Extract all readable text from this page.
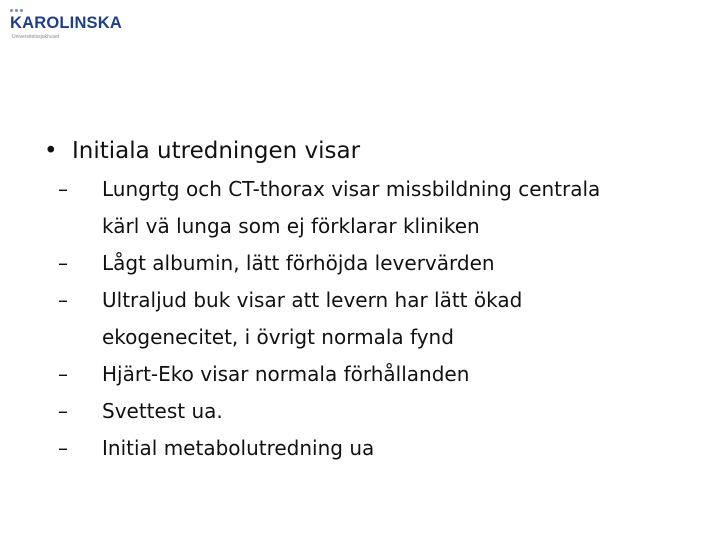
KAROLINSKA
Universitetssjukhuset
• Initiala utredningen visar
– Lungrtg och CT-thorax visar missbildning centrala
kärl vä lunga som ej förklarar kliniken
– Lågt albumin, lätt förhöjda levervärden
– Ultraljud buk visar att levern har lätt ökad
ekogenecitet, i övrigt normala fynd
– Hjärt-Eko visar normala förhållanden
– Svettest ua.
– Initial metabolutredning ua
